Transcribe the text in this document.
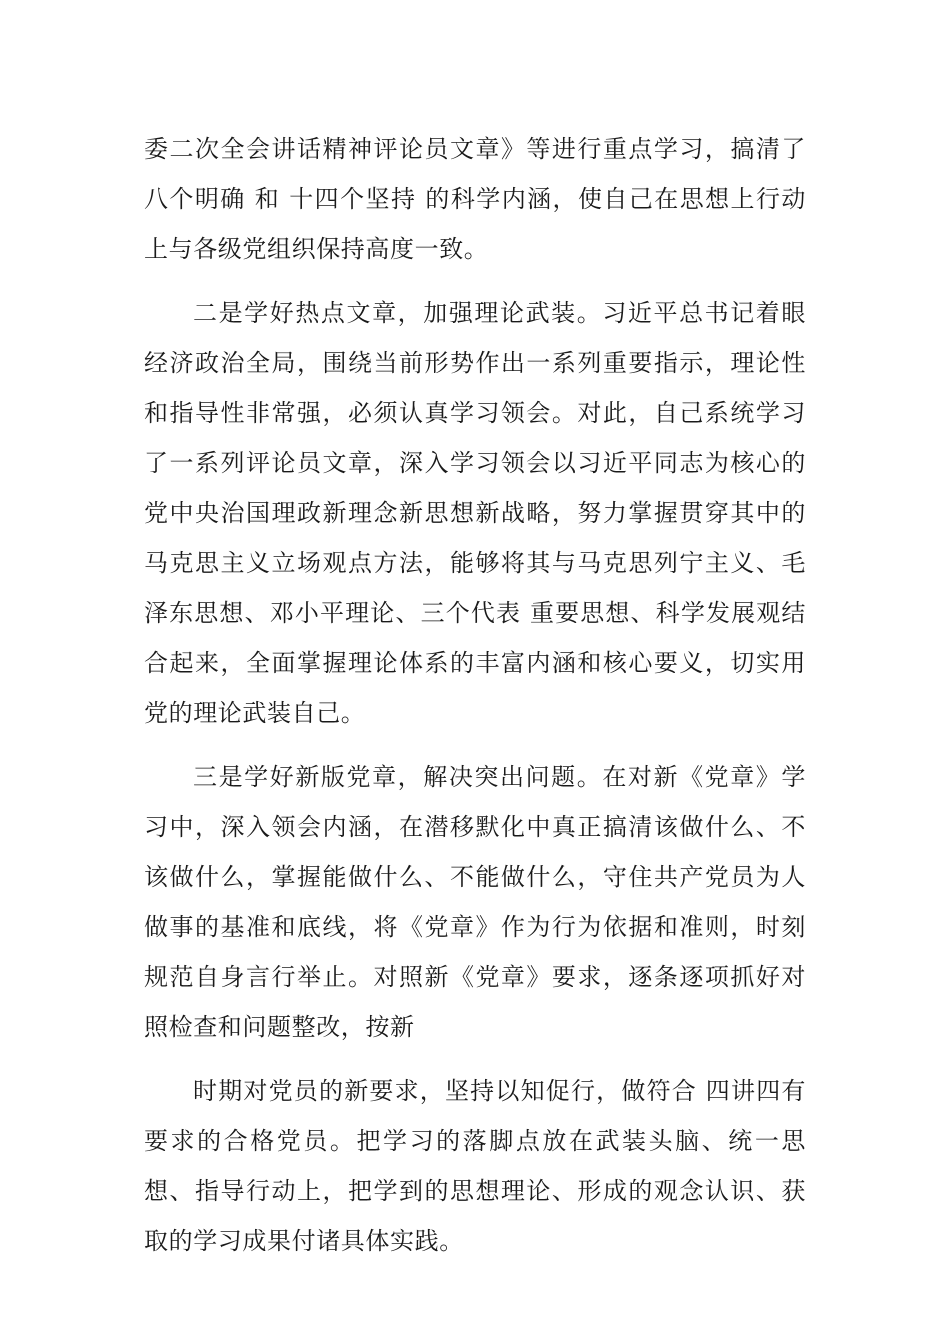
委二次全会讲话精神评论员文章》等进行重点学习，搞清了 八个明确 和 十四个坚持 的科学内涵，使自己在思想上行动上与各级党组织保持高度一致。

二是学好热点文章，加强理论武装。习近平总书记着眼经济政治全局，围绕当前形势作出一系列重要指示，理论性和指导性非常强，必须认真学习领会。对此，自己系统学习了一系列评论员文章，深入学习领会以习近平同志为核心的党中央治国理政新理念新思想新战略，努力掌握贯穿其中的马克思主义立场观点方法，能够将其与马克思列宁主义、毛泽东思想、邓小平理论、三个代表 重要思想、科学发展观结合起来，全面掌握理论体系的丰富内涵和核心要义，切实用党的理论武装自己。

三是学好新版党章，解决突出问题。在对新《党章》学习中，深入领会内涵，在潜移默化中真正搞清该做什么、不该做什么，掌握能做什么、不能做什么，守住共产党员为人做事的基准和底线，将《党章》作为行为依据和准则，时刻规范自身言行举止。对照新《党章》要求，逐条逐项抓好对照检查和问题整改，按新

时期对党员的新要求，坚持以知促行，做符合 四讲四有 要求的合格党员。把学习的落脚点放在武装头脑、统一思想、指导行动上，把学到的思想理论、形成的观念认识、获取的学习成果付诸具体实践。
